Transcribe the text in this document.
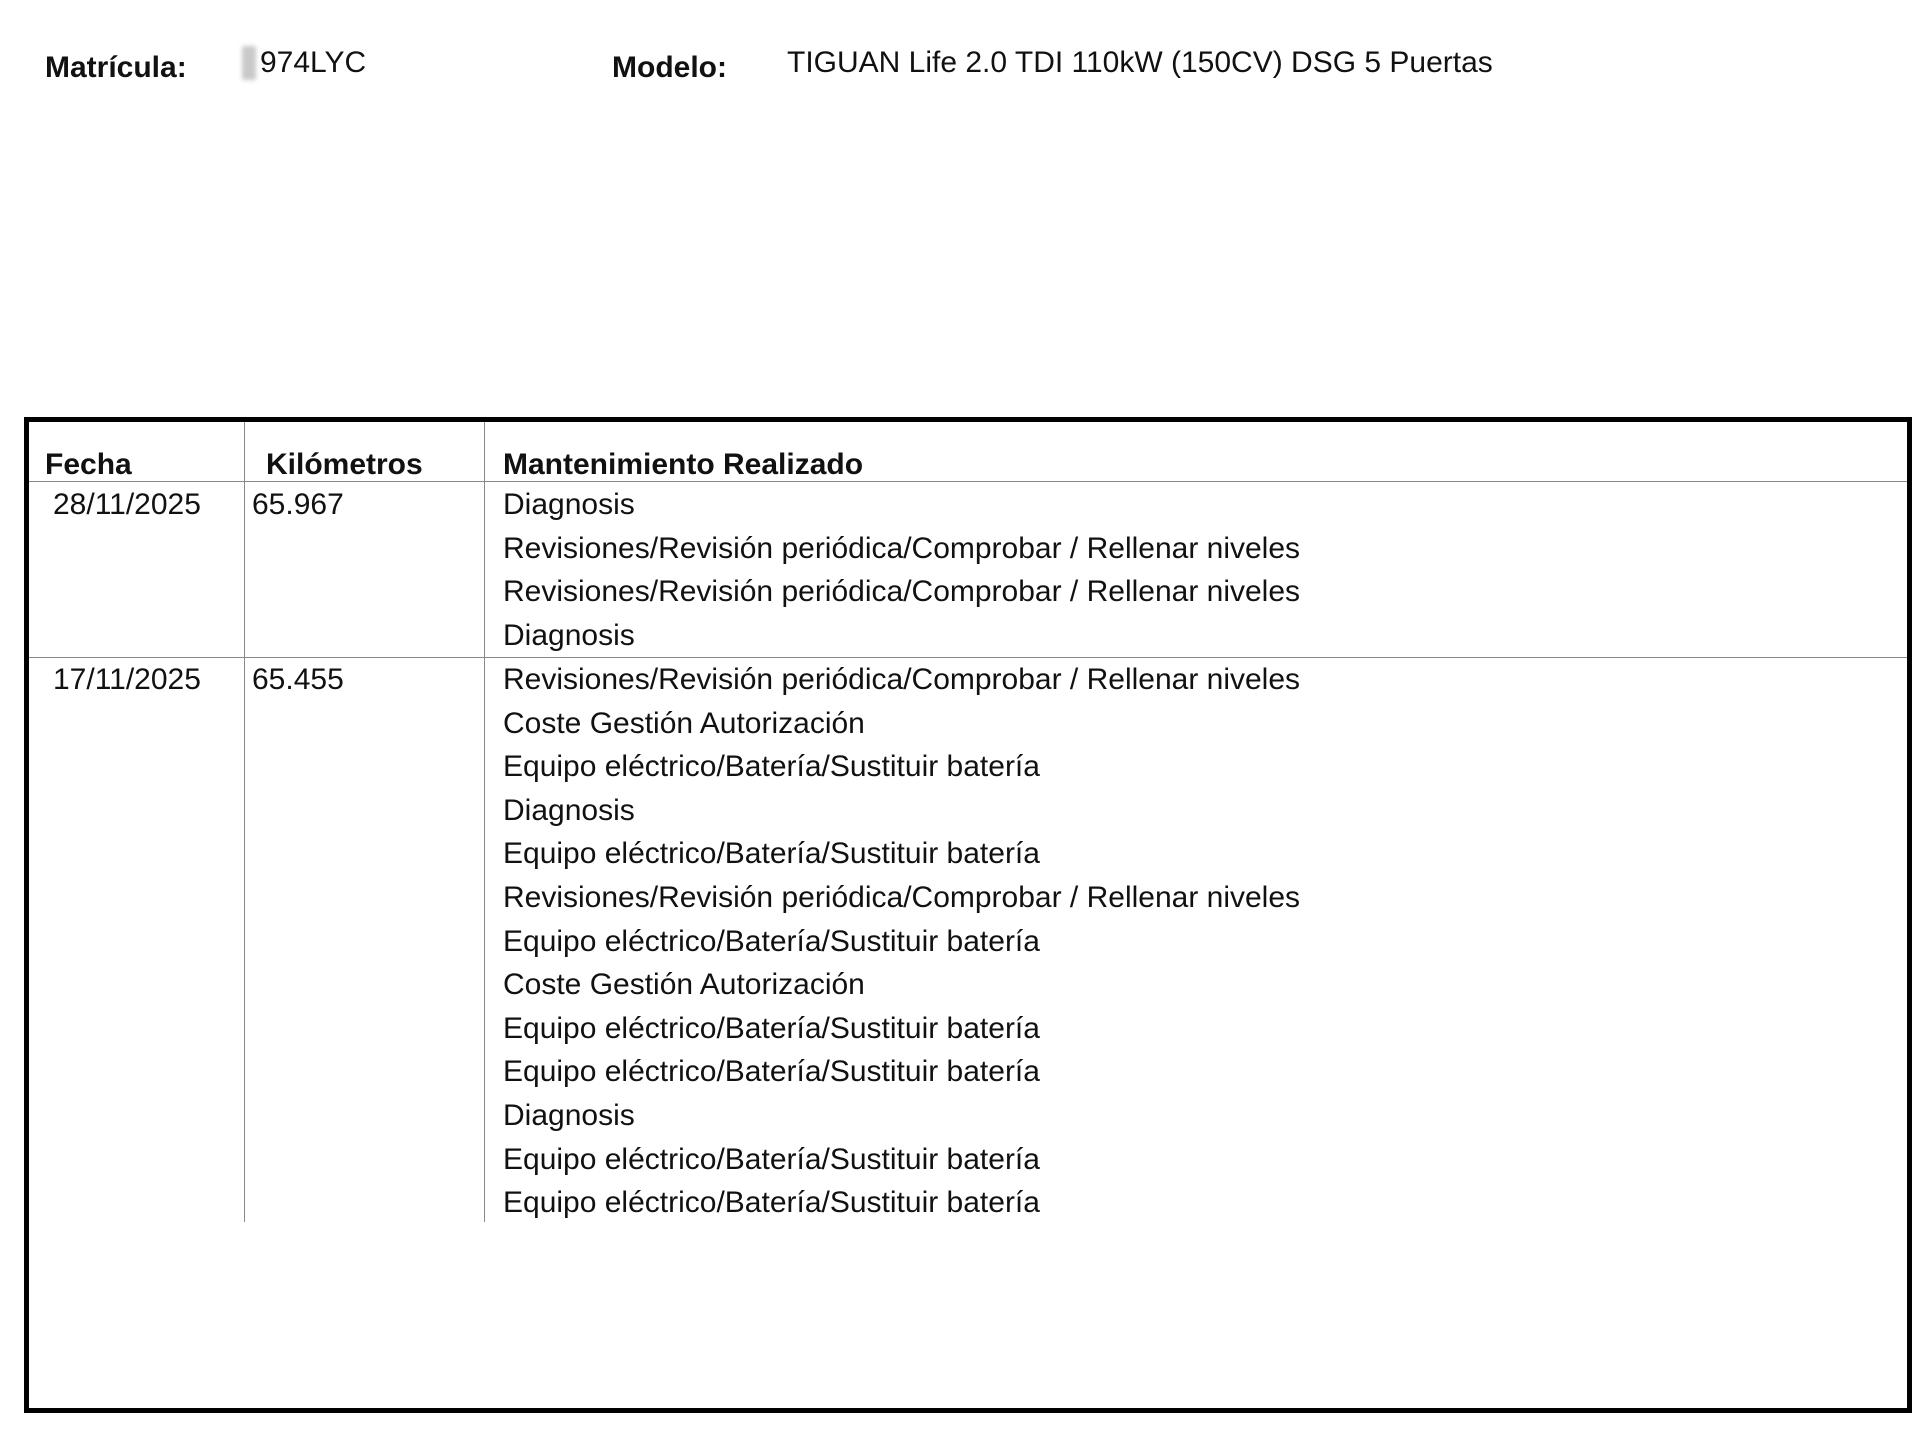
Matrícula: 974LYC	Modelo: TIGUAN Life 2.0 TDI 110kW (150CV) DSG 5 Puertas
Fecha	Kilómetros	Mantenimiento Realizado
28/11/2025 65.967	Diagnosis
Revisiones/Revisión periódica/Comprobar / Rellenar niveles
Revisiones/Revisión periódica/Comprobar / Rellenar niveles
Diagnosis
17/11/2025 65.455	Revisiones/Revisión periódica/Comprobar / Rellenar niveles
Coste Gestión Autorización
Equipo eléctrico/Batería/Sustituir batería
Diagnosis
Equipo eléctrico/Batería/Sustituir batería
Revisiones/Revisión periódica/Comprobar / Rellenar niveles
Equipo eléctrico/Batería/Sustituir batería
Coste Gestión Autorización
Equipo eléctrico/Batería/Sustituir batería
Equipo eléctrico/Batería/Sustituir batería
Diagnosis
Equipo eléctrico/Batería/Sustituir batería
Equipo eléctrico/Batería/Sustituir batería
